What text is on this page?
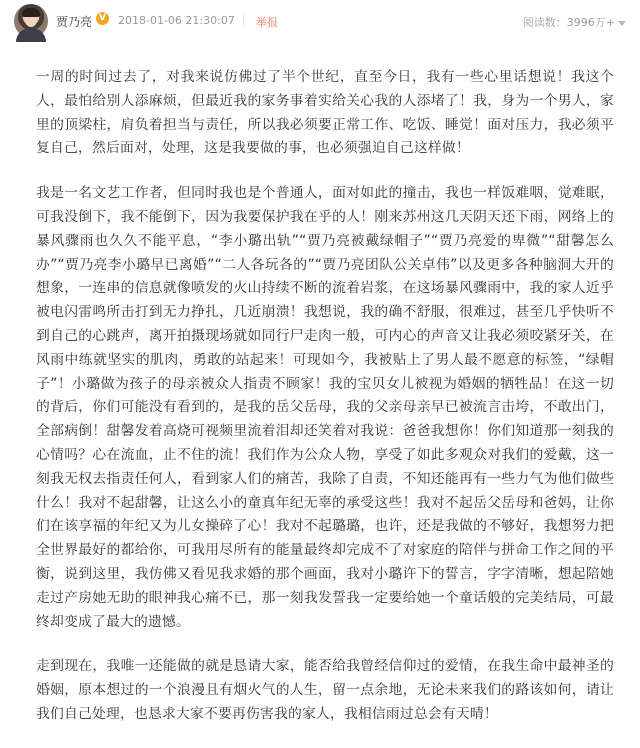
贾乃亮 V 2018-01-06 21:30:07 举报	阅读数：3996万+

一周的时间过去了，对我来说仿佛过了半个世纪，直至今日，我有一些心里话想说！我这个人，最怕给别人添麻烦，但最近我的家务事着实给关心我的人添堵了！我，身为一个男人，家里的顶梁柱，肩负着担当与责任，所以我必须要正常工作、吃饭、睡觉！面对压力，我必须平复自己，然后面对，处理，这是我要做的事，也必须强迫自己这样做！

我是一名文艺工作者，但同时我也是个普通人，面对如此的撞击，我也一样饭难咽，觉难眠，可我没倒下，我不能倒下，因为我要保护我在乎的人！刚来苏州这几天阴天还下雨，网络上的暴风骤雨也久久不能平息，“李小璐出轨”“贾乃亮被戴绿帽子”“贾乃亮爱的卑微”“甜馨怎么办”“贾乃亮李小璐早已离婚”“二人各玩各的”“贾乃亮团队公关卓伟”以及更多各种脑洞大开的想象，一连串的信息就像喷发的火山持续不断的流着岩浆，在这场暴风骤雨中，我的家人近乎被电闪雷鸣所击打到无力挣扎，几近崩溃！我想说，我的确不舒服，很难过，甚至几乎快听不到自己的心跳声，离开拍摄现场就如同行尸走肉一般，可内心的声音又让我必须咬紧牙关，在风雨中练就坚实的肌肉，勇敢的站起来！可现如今，我被贴上了男人最不愿意的标签，“绿帽子”！小璐做为孩子的母亲被众人指责不顾家！我的宝贝女儿被视为婚姻的牺牲品！在这一切的背后，你们可能没有看到的，是我的岳父岳母，我的父亲母亲早已被流言击垮，不敢出门，全部病倒！甜馨发着高烧可视频里流着泪却还笑着对我说：爸爸我想你！你们知道那一刻我的心情吗？心在流血，止不住的流！我们作为公众人物，享受了如此多观众对我们的爱戴，这一刻我无权去指责任何人，看到家人们的痛苦，我除了自责，不知还能再有一些力气为他们做些什么！我对不起甜馨，让这么小的童真年纪无辜的承受这些！我对不起岳父岳母和爸妈，让你们在该享福的年纪又为儿女操碎了心！我对不起璐璐，也许，还是我做的不够好，我想努力把全世界最好的都给你，可我用尽所有的能量最终却完成不了对家庭的陪伴与拼命工作之间的平衡，说到这里，我仿佛又看见我求婚的那个画面，我对小璐许下的誓言，字字清晰，想起陪她走过产房她无助的眼神我心痛不已，那一刻我发誓我一定要给她一个童话般的完美结局，可最终却变成了最大的遗憾。

走到现在，我唯一还能做的就是恳请大家，能否给我曾经信仰过的爱情，在我生命中最神圣的婚姻，原本想过的一个浪漫且有烟火气的人生，留一点余地，无论未来我们的路该如何，请让我们自己处理，也恳求大家不要再伤害我的家人，我相信雨过总会有天晴！
